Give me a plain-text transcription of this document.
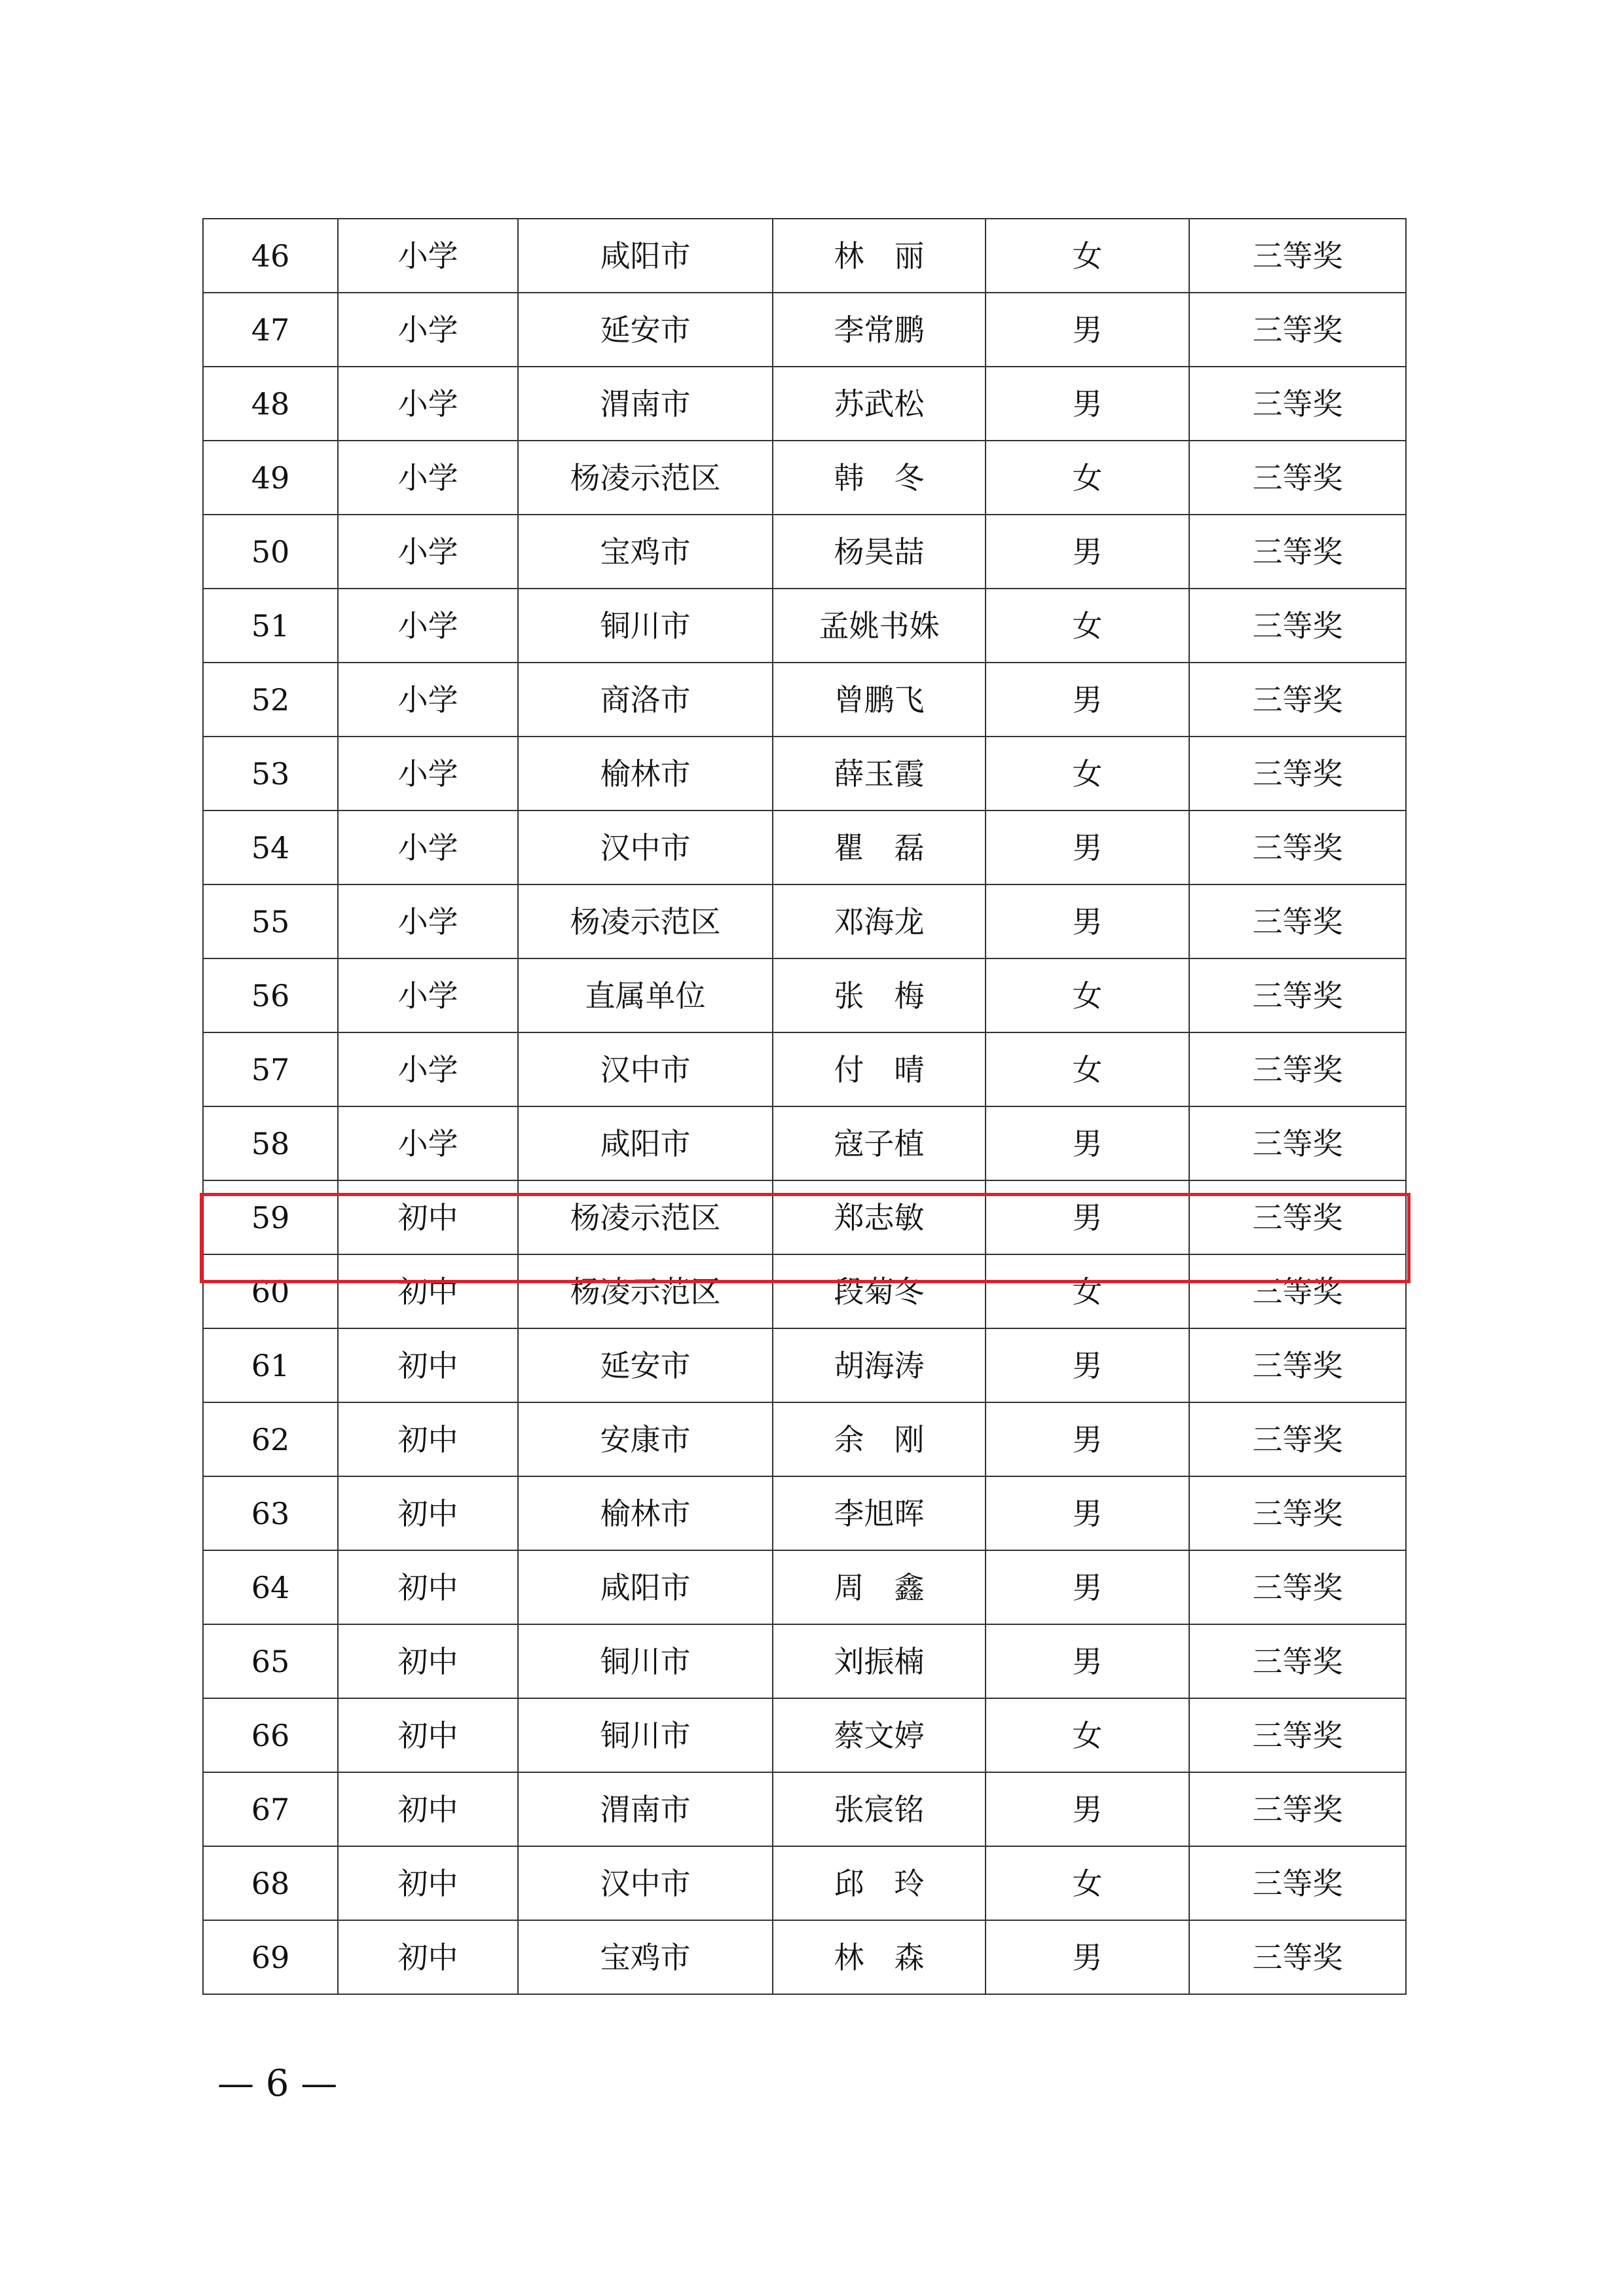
46	小学	咸阳市	林　丽	女	三等奖
47	小学	延安市	李常鹏	男	三等奖
48	小学	渭南市	苏武松	男	三等奖
49	小学	杨凌示范区	韩　冬	女	三等奖
50	小学	宝鸡市	杨昊喆	男	三等奖
51	小学	铜川市	孟姚书姝	女	三等奖
52	小学	商洛市	曾鹏飞	男	三等奖
53	小学	榆林市	薛玉霞	女	三等奖
54	小学	汉中市	瞿　磊	男	三等奖
55	小学	杨凌示范区	邓海龙	男	三等奖
56	小学	直属单位	张　梅	女	三等奖
57	小学	汉中市	付　晴	女	三等奖
58	小学	咸阳市	寇子植	男	三等奖
59	初中	杨凌示范区	郑志敏	男	三等奖
60	初中	杨凌示范区	段菊冬	女	三等奖
61	初中	延安市	胡海涛	男	三等奖
62	初中	安康市	余　刚	男	三等奖
63	初中	榆林市	李旭晖	男	三等奖
64	初中	咸阳市	周　鑫	男	三等奖
65	初中	铜川市	刘振楠	男	三等奖
66	初中	铜川市	蔡文婷	女	三等奖
67	初中	渭南市	张宸铭	男	三等奖
68	初中	汉中市	邱　玲	女	三等奖
69	初中	宝鸡市	林　森	男	三等奖
— 6 —
